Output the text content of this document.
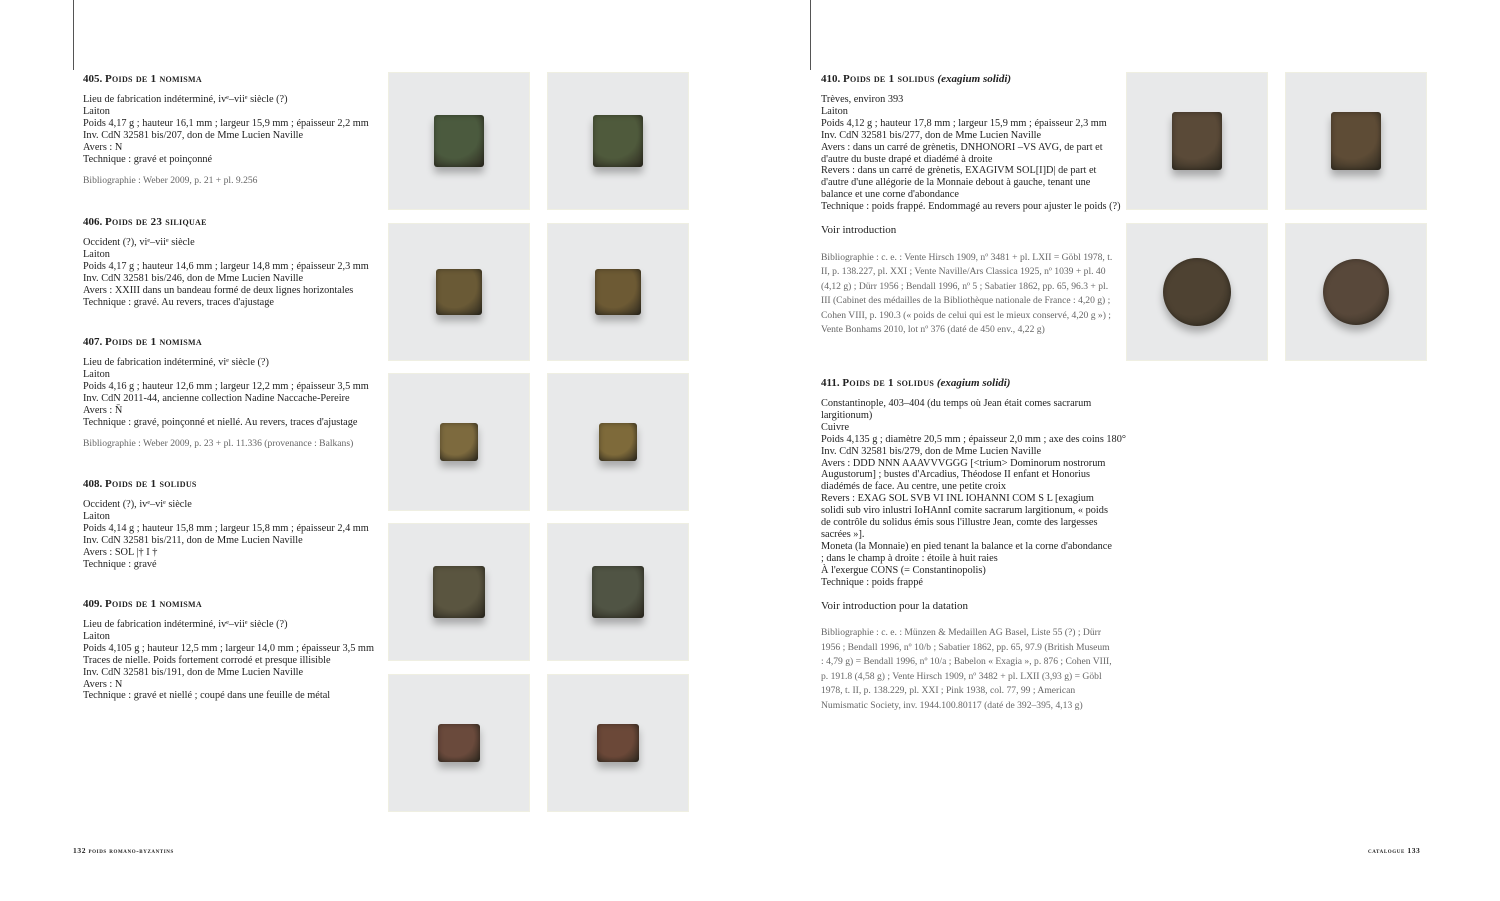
405. Poids de 1 nomisma
Lieu de fabrication indéterminé, ivᵉ–viiᵉ siècle (?)
Laiton
Poids 4,17 g ; hauteur 16,1 mm ; largeur 15,9 mm ; épaisseur 2,2 mm
Inv. CdN 32581 bis/207, don de Mme Lucien Naville
Avers : N
Technique : gravé et poinçonné
Bibliographie : Weber 2009, p. 21 + pl. 9.256
406. Poids de 23 siliquae
Occident (?), viᵉ–viiᵉ siècle
Laiton
Poids 4,17 g ; hauteur 14,6 mm ; largeur 14,8 mm ; épaisseur 2,3 mm
Inv. CdN 32581 bis/246, don de Mme Lucien Naville
Avers : XXIII dans un bandeau formé de deux lignes horizontales
Technique : gravé. Au revers, traces d'ajustage
407. Poids de 1 nomisma
Lieu de fabrication indéterminé, viᵉ siècle (?)
Laiton
Poids 4,16 g ; hauteur 12,6 mm ; largeur 12,2 mm ; épaisseur 3,5 mm
Inv. CdN 2011-44, ancienne collection Nadine Naccache-Pereire
Avers : N̄
Technique : gravé, poinçonné et niellé. Au revers, traces d'ajustage
Bibliographie : Weber 2009, p. 23 + pl. 11.336 (provenance : Balkans)
408. Poids de 1 solidus
Occident (?), ivᵉ–viᵉ siècle
Laiton
Poids 4,14 g ; hauteur 15,8 mm ; largeur 15,8 mm ; épaisseur 2,4 mm
Inv. CdN 32581 bis/211, don de Mme Lucien Naville
Avers : SOL |† I †
Technique : gravé
409. Poids de 1 nomisma
Lieu de fabrication indéterminé, ivᵉ–viiᵉ siècle (?)
Laiton
Poids 4,105 g ; hauteur 12,5 mm ; largeur 14,0 mm ; épaisseur 3,5 mm
Traces de nielle. Poids fortement corrodé et presque illisible
Inv. CdN 32581 bis/191, don de Mme Lucien Naville
Avers : N
Technique : gravé et niellé ; coupé dans une feuille de métal
410. Poids de 1 solidus (exagium solidi)
Trèves, environ 393
Laiton
Poids 4,12 g ; hauteur 17,8 mm ; largeur 15,9 mm ; épaisseur 2,3 mm
Inv. CdN 32581 bis/277, don de Mme Lucien Naville
Avers : dans un carré de grènetis, DNHONORI –VS AVG, de part et d'autre du buste drapé et diadémé à droite
Revers : dans un carré de grènetis, EXAGIVM SOL[I]D| de part et d'autre d'une allégorie de la Monnaie debout à gauche, tenant une balance et une corne d'abondance
Technique : poids frappé. Endommagé au revers pour ajuster le poids (?)
Voir introduction
Bibliographie : c. e. : Vente Hirsch 1909, nº 3481 + pl. LXII = Göbl 1978, t. II, p. 138.227, pl. XXI ; Vente Naville/Ars Classica 1925, nº 1039 + pl. 40 (4,12 g) ; Dürr 1956 ; Bendall 1996, nº 5 ; Sabatier 1862, pp. 65, 96.3 + pl. III (Cabinet des médailles de la Bibliothèque nationale de France : 4,20 g) ; Cohen VIII, p. 190.3 (« poids de celui qui est le mieux conservé, 4,20 g ») ; Vente Bonhams 2010, lot nº 376 (daté de 450 env., 4,22 g)
411. Poids de 1 solidus (exagium solidi)
Constantinople, 403–404 (du temps où Jean était comes sacrarum largitionum)
Cuivre
Poids 4,135 g ; diamètre 20,5 mm ; épaisseur 2,0 mm ; axe des coins 180°
Inv. CdN 32581 bis/279, don de Mme Lucien Naville
Avers : DDD NNN AAAVVVGGG [<trium> Dominorum nostrorum Augustorum] ; bustes d'Arcadius, Théodose II enfant et Honorius diadémés de face. Au centre, une petite croix
Revers : EXAG SOL SVB VI INL IOHANNI COM S L [exagium solidi sub viro inlustri IoHAnnI comite sacrarum largitionum, « poids de contrôle du solidus émis sous l'illustre Jean, comte des largesses sacrées »].
Moneta (la Monnaie) en pied tenant la balance et la corne d'abondance ; dans le champ à droite : étoile à huit raies
À l'exergue CONS (= Constantinopolis)
Technique : poids frappé
Voir introduction pour la datation
Bibliographie : c. e. : Münzen & Medaillen AG Basel, Liste 55 (?) ; Dürr 1956 ; Bendall 1996, nº 10/b ; Sabatier 1862, pp. 65, 97.9 (British Museum : 4,79 g) = Bendall 1996, nº 10/a ; Babelon « Exagia », p. 876 ; Cohen VIII, p. 191.8 (4,58 g) ; Vente Hirsch 1909, nº 3482 + pl. LXII (3,93 g) = Göbl 1978, t. II, p. 138.229, pl. XXI ; Pink 1938, col. 77, 99 ; American Numismatic Society, inv. 1944.100.80117 (daté de 392–395, 4,13 g)
132 poids romano-byzantins	catalogue 133
